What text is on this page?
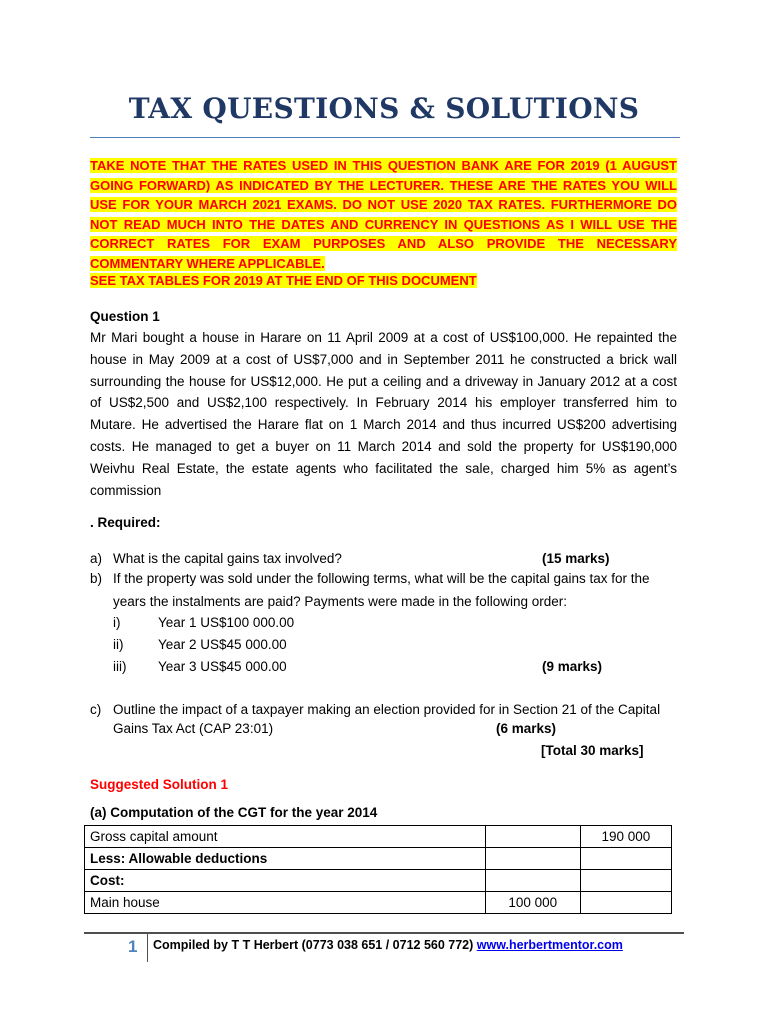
TAX QUESTIONS & SOLUTIONS
TAKE NOTE THAT THE RATES USED IN THIS QUESTION BANK ARE FOR 2019 (1 AUGUST GOING FORWARD) AS INDICATED BY THE LECTURER. THESE ARE THE RATES YOU WILL USE FOR YOUR MARCH 2021 EXAMS. DO NOT USE 2020 TAX RATES. FURTHERMORE DO NOT READ MUCH INTO THE DATES AND CURRENCY IN QUESTIONS AS I WILL USE THE CORRECT RATES FOR EXAM PURPOSES AND ALSO PROVIDE THE NECESSARY COMMENTARY WHERE APPLICABLE.
SEE TAX TABLES FOR 2019 AT THE END OF THIS DOCUMENT
Question 1
Mr Mari bought a house in Harare on 11 April 2009 at a cost of US$100,000. He repainted the house in May 2009 at a cost of US$7,000 and in September 2011 he constructed a brick wall surrounding the house for US$12,000. He put a ceiling and a driveway in January 2012 at a cost of US$2,500 and US$2,100 respectively. In February 2014 his employer transferred him to Mutare. He advertised the Harare flat on 1 March 2014 and thus incurred US$200 advertising costs. He managed to get a buyer on 11 March 2014 and sold the property for US$190,000 Weivhu Real Estate, the estate agents who facilitated the sale, charged him 5% as agent’s commission
. Required:
a) What is the capital gains tax involved?	(15 marks)
b) If the property was sold under the following terms, what will be the capital gains tax for the
years the instalments are paid? Payments were made in the following order:
i)	Year 1 US$100 000.00
ii)	Year 2 US$45 000.00
iii) Year 3 US$45 000.00	(9 marks)
c) Outline the impact of a taxpayer making an election provided for in Section 21 of the Capital
Gains Tax Act (CAP 23:01)	(6 marks)
[Total 30 marks]
Suggested Solution 1
(a) Computation of the CGT for the year 2014
Gross capital amount		190 000
Less: Allowable deductions		
Cost:		
Main house	100 000	
1 Compiled by T T Herbert (0773 038 651 / 0712 560 772) www.herbertmentor.com
